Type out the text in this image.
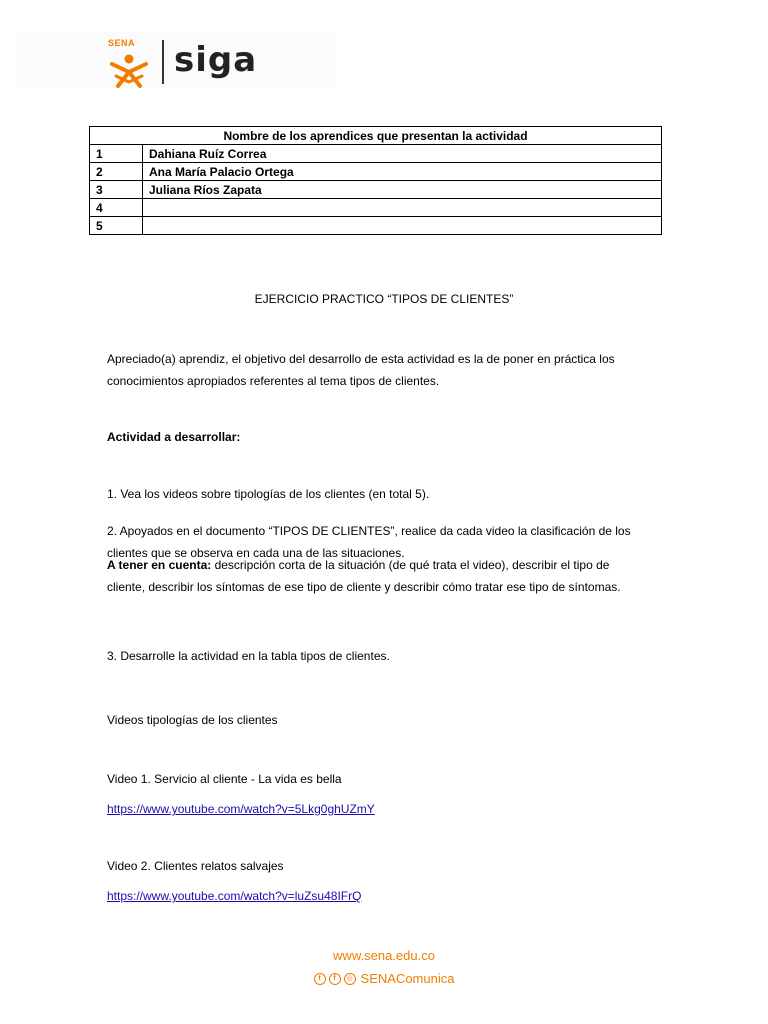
SENA siga
Nombre de los aprendices que presentan la actividad	
1	Dahiana Ruíz Correa
2	Ana María Palacio Ortega
3	Juliana Ríos Zapata
4	
5	
EJERCICIO PRACTICO “TIPOS DE CLIENTES”

Apreciado(a) aprendiz, el objetivo del desarrollo de esta actividad es la de poner en práctica los conocimientos apropiados referentes al tema tipos de clientes.

Actividad a desarrollar:

1. Vea los videos sobre tipologías de los clientes (en total 5).

2. Apoyados en el documento “TIPOS DE CLIENTES”, realice da cada video la clasificación de los clientes que se observa en cada una de las situaciones.

A tener en cuenta: descripción corta de la situación (de qué trata el video), describir el tipo de cliente, describir los síntomas de ese tipo de cliente y describir cómo tratar ese tipo de síntomas.

3. Desarrolle la actividad en la tabla tipos de clientes.

Videos tipologías de los clientes

Video 1. Servicio al cliente - La vida es bella

https://www.youtube.com/watch?v=5Lkg0ghUZmY

Video 2. Clientes relatos salvajes

https://www.youtube.com/watch?v=luZsu48IFrQ
www.sena.edu.co
t	f	◎ SENAComunica
